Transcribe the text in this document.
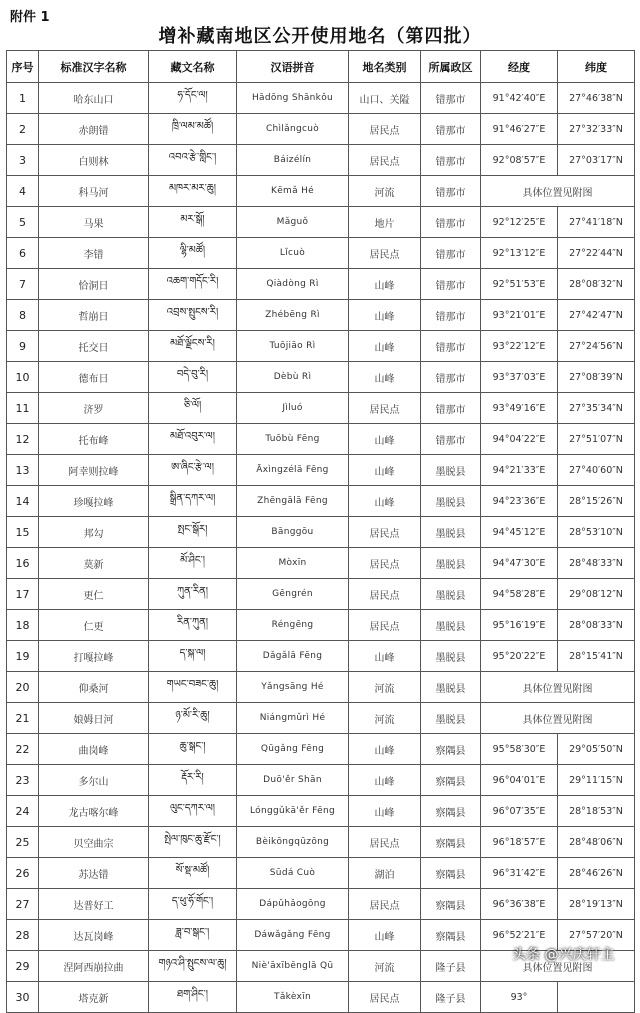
附件 1
增补藏南地区公开使用地名（第四批）
序号	标准汉字名称	藏文名称	汉语拼音	地名类别	所属政区	经度	纬度
1	哈东山口	ཧ་དོང་ལ།	Hādōng Shānkǒu	山口、关隘	错那市	91°42′40″E	27°46′38″N
2	赤朗错	ཁྲི་ལམ་མཚོ།	Chìlǎngcuò	居民点	错那市	91°46′27″E	27°32′33″N
3	白则林	འབའ་རྩེ་གླིང་།	Báizélín	居民点	错那市	92°08′57″E	27°03′17″N
4	科马河	མཁར་མར་ཆུ།	Kēmǎ Hé	河流	错那市	具体位置见附图	
5	马果	མར་སྒོ།	Mǎguǒ	地片	错那市	92°12′25″E	27°41′18″N
6	李错	ལྷི་མཚོ།	Lǐcuò	居民点	错那市	92°13′12″E	27°22′44″N
7	恰洞日	འཆག་གདོང་རི།	Qiàdòng Rì	山峰	错那市	92°51′53″E	28°08′32″N
8	哲崩日	འབྲས་སྤུངས་རི།	Zhébēng Rì	山峰	错那市	93°21′01″E	27°42′47″N
9	托交日	མཐོ་ལྗོངས་རི།	Tuōjiāo Rì	山峰	错那市	93°22′12″E	27°24′56″N
10	德布日	བདེ་བུ་རི།	Dèbù Rì	山峰	错那市	93°37′03″E	27°08′39″N
11	济罗	ཅི་ལོ།	Jìluó	居民点	错那市	93°49′16″E	27°35′34″N
12	托布峰	མཐོ་འབུར་ལ།	Tuōbù Fēng	山峰	错那市	94°04′22″E	27°51′07″N
13	阿幸则拉峰	ཨ་ཞིང་རྩེ་ལ།	Āxìngzélā Fēng	山峰	墨脱县	94°21′33″E	27°40′60″N
14	珍嘎拉峰	སྒྲིན་དཀར་ལ།	Zhēngālā Fēng	山峰	墨脱县	94°23′36″E	28°15′26″N
15	邦勾	སྤང་སྒོར།	Bānggōu	居民点	墨脱县	94°45′12″E	28°53′10″N
16	莫新	མོ་ཤིང་།	Mòxīn	居民点	墨脱县	94°47′30″E	28°48′33″N
17	更仁	ཀུན་རིན།	Gēngrén	居民点	墨脱县	94°58′28″E	29°08′12″N
18	仁更	རིན་ཀུན།	Réngēng	居民点	墨脱县	95°16′19″E	28°08′33″N
19	打嘎拉峰	ད་སྐ་ལ།	Dǎgǎlā Fēng	山峰	墨脱县	95°20′22″E	28°15′41″N
20	仰桑河	གཡང་བཟང་ཆུ།	Yǎngsāng Hé	河流	墨脱县	具体位置见附图	
21	娘姆日河	ཉ་མོ་རི་ཆུ།	Niángmǔrì Hé	河流	墨脱县	具体位置见附图	
22	曲岗峰	ཆུ་སྒང་།	Qūgǎng Fēng	山峰	察隅县	95°58′30″E	29°05′50″N
23	多尔山	རྡོར་རི།	Duō'ěr Shān	山峰	察隅县	96°04′01″E	29°11′15″N
24	龙古喀尔峰	ལུང་དཀར་ལ།	Lónggǔkā'ěr Fēng	山峰	察隅县	96°07′35″E	28°18′53″N
25	贝空曲宗	སྤེལ་ཁུང་ཆུ་རྫོང་།	Bèikōngqūzōng	居民点	察隅县	96°18′57″E	28°48′06″N
26	苏达错	སོ་སྡ་མཚོ།	Sūdá Cuò	湖泊	察隅县	96°31′42″E	28°46′26″N
27	达普好工	ད་ཕུ་ཧོ་གོང་།	Dápǔhǎogōng	居民点	察隅县	96°36′38″E	28°19′13″N
28	达瓦岗峰	ཟླ་བ་སྒང་།	Dáwǎgǎng Fēng	山峰	察隅县	96°52′21″E	27°57′20″N
29	涅阿西崩拉曲	གཉའ་ཤི་སྤུངས་ལ་ཆུ།	Niè'āxībēnglā Qū	河流	隆子县	具体位置见附图	
30	塔克新	ཐག་ཤིང་།	Tǎkèxīn	居民点	隆子县	93°	
头条 @兴庆轩主
